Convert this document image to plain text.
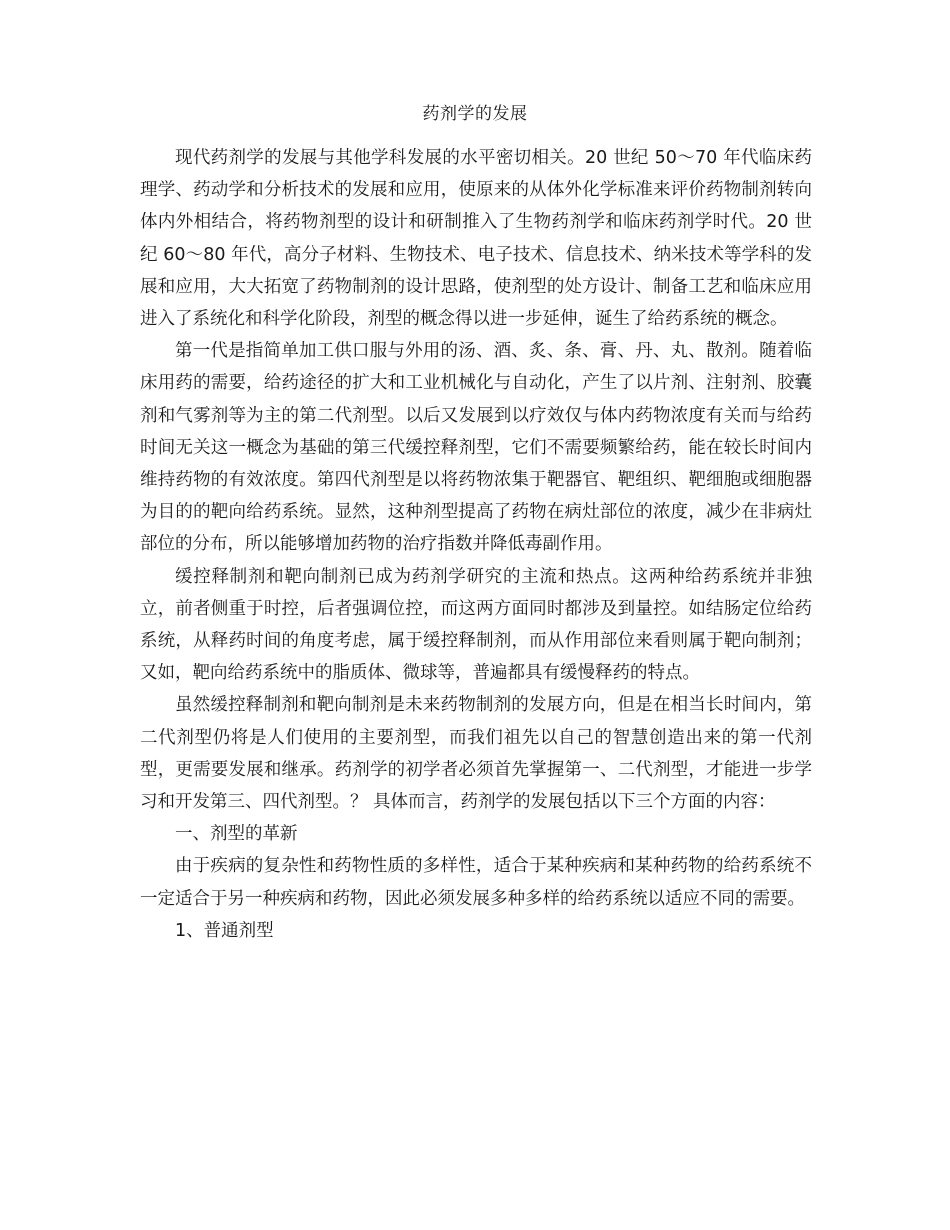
药剂学的发展

现代药剂学的发展与其他学科发展的水平密切相关。20 世纪 50～70 年代临床药理学、药动学和分析技术的发展和应用，使原来的从体外化学标准来评价药物制剂转向体内外相结合，将药物剂型的设计和研制推入了生物药剂学和临床药剂学时代。20 世纪 60～80 年代，高分子材料、生物技术、电子技术、信息技术、纳米技术等学科的发展和应用，大大拓宽了药物制剂的设计思路，使剂型的处方设计、制备工艺和临床应用进入了系统化和科学化阶段，剂型的概念得以进一步延伸，诞生了给药系统的概念。

第一代是指简单加工供口服与外用的汤、酒、炙、条、膏、丹、丸、散剂。随着临床用药的需要，给药途径的扩大和工业机械化与自动化，产生了以片剂、注射剂、胶囊剂和气雾剂等为主的第二代剂型。以后又发展到以疗效仅与体内药物浓度有关而与给药时间无关这一概念为基础的第三代缓控释剂型，它们不需要频繁给药，能在较长时间内维持药物的有效浓度。第四代剂型是以将药物浓集于靶器官、靶组织、靶细胞或细胞器为目的的靶向给药系统。显然，这种剂型提高了药物在病灶部位的浓度，减少在非病灶部位的分布，所以能够增加药物的治疗指数并降低毒副作用。

缓控释制剂和靶向制剂已成为药剂学研究的主流和热点。这两种给药系统并非独立，前者侧重于时控，后者强调位控，而这两方面同时都涉及到量控。如结肠定位给药系统，从释药时间的角度考虑，属于缓控释制剂，而从作用部位来看则属于靶向制剂；又如，靶向给药系统中的脂质体、微球等，普遍都具有缓慢释药的特点。

虽然缓控释制剂和靶向制剂是未来药物制剂的发展方向，但是在相当长时间内，第二代剂型仍将是人们使用的主要剂型，而我们祖先以自己的智慧创造出来的第一代剂型，更需要发展和继承。药剂学的初学者必须首先掌握第一、二代剂型，才能进一步学习和开发第三、四代剂型。？ 具体而言，药剂学的发展包括以下三个方面的内容：

一、剂型的革新

由于疾病的复杂性和药物性质的多样性，适合于某种疾病和某种药物的给药系统不一定适合于另一种疾病和药物，因此必须发展多种多样的给药系统以适应不同的需要。

1、普通剂型
